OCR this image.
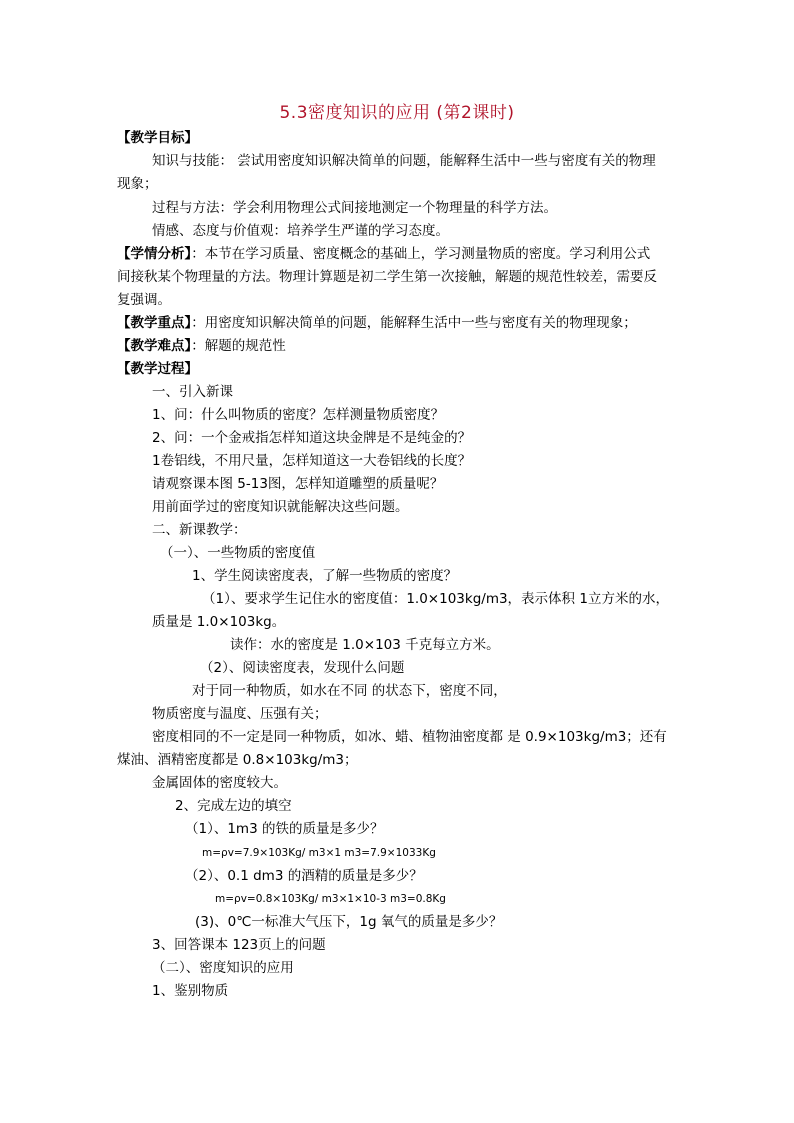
5.3密度知识的应用 (第2课时)
【教学目标】
知识与技能： 尝试用密度知识解决简单的问题，能解释生活中一些与密度有关的物理
现象；
过程与方法：学会利用物理公式间接地测定一个物理量的科学方法。
情感、态度与价值观：培养学生严谨的学习态度。
【学情分析】：本节在学习质量、密度概念的基础上，学习测量物质的密度。学习利用公式
间接秋某个物理量的方法。物理计算题是初二学生第一次接触，解题的规范性较差，需要反
复强调。
【教学重点】：用密度知识解决简单的问题，能解释生活中一些与密度有关的物理现象；
【教学难点】：解题的规范性
【教学过程】
一、引入新课
1、问：什么叫物质的密度？怎样测量物质密度？
2、问：一个金戒指怎样知道这块金牌是不是纯金的？
1卷铝线，不用尺量，怎样知道这一大卷铝线的长度？
请观察课本图 5-13图，怎样知道雕塑的质量呢？
用前面学过的密度知识就能解决这些问题。
二、新课教学：
（一）、一些物质的密度值
1、学生阅读密度表，了解一些物质的密度？
（1）、要求学生记住水的密度值：1.0×103kg/m3，表示体积 1立方米的水，
质量是 1.0×103kg。
读作：水的密度是 1.0×103 千克每立方米。
（2）、阅读密度表，发现什么问题
对于同一种物质，如水在不同 的状态下，密度不同，
物质密度与温度、压强有关；
密度相同的不一定是同一种物质，如冰、蜡、植物油密度都 是 0.9×103kg/m3；还有
煤油、酒精密度都是 0.8×103kg/m3；
金属固体的密度较大。
2、完成左边的填空
（1）、1m3 的铁的质量是多少？
m=ρv=7.9×103Kg/ m3×1 m3=7.9×1033Kg
（2）、0.1 dm3 的酒精的质量是多少？
m=ρv=0.8×103Kg/ m3×1×10-3 m3=0.8Kg
(3)、0℃一标准大气压下，1g 氧气的质量是多少？
3、回答课本 123页上的问题
（二）、密度知识的应用
1、鉴别物质
